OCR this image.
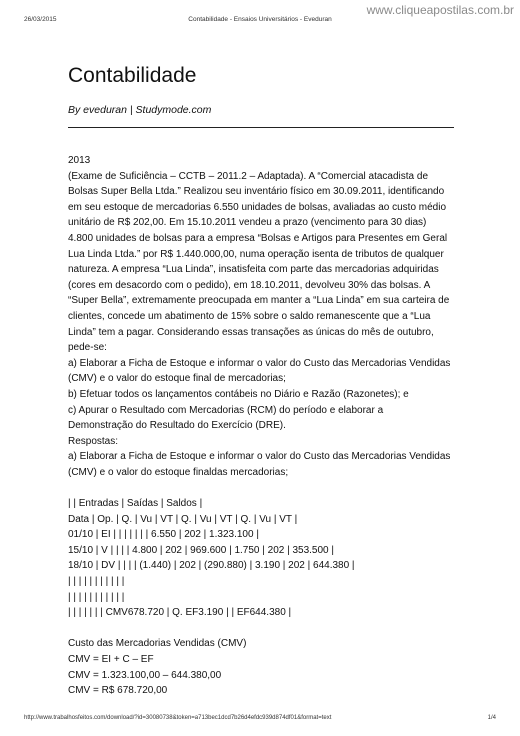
www.cliqueapostilas.com.br
26/03/2015	Contabilidade - Ensaios Universitários - Eveduran
Contabilidade
By eveduran | Studymode.com
2013
(Exame de Suficiência – CCTB – 2011.2 – Adaptada). A “Comercial atacadista de
Bolsas Super Bella Ltda.” Realizou seu inventário físico em 30.09.2011, identificando
em seu estoque de mercadorias 6.550 unidades de bolsas, avaliadas ao custo médio
unitário de R$ 202,00. Em 15.10.2011 vendeu a prazo (vencimento para 30 dias)
4.800 unidades de bolsas para a empresa “Bolsas e Artigos para Presentes em Geral
Lua Linda Ltda.” por R$ 1.440.000,00, numa operação isenta de tributos de qualquer
natureza. A empresa “Lua Linda”, insatisfeita com parte das mercadorias adquiridas
(cores em desacordo com o pedido), em 18.10.2011, devolveu 30% das bolsas. A
“Super Bella”, extremamente preocupada em manter a “Lua Linda” em sua carteira de
clientes, concede um abatimento de 15% sobre o saldo remanescente que a “Lua
Linda” tem a pagar. Considerando essas transações as únicas do mês de outubro,
pede-se:
a) Elaborar a Ficha de Estoque e informar o valor do Custo das Mercadorias Vendidas
(CMV) e o valor do estoque final de mercadorias;
b) Efetuar todos os lançamentos contábeis no Diário e Razão (Razonetes); e
c) Apurar o Resultado com Mercadorias (RCM) do período e elaborar a
Demonstração do Resultado do Exercício (DRE).
Respostas:
a) Elaborar a Ficha de Estoque e informar o valor do Custo das Mercadorias Vendidas
(CMV) e o valor do estoque finaldas mercadorias;
| | Entradas | Saídas | Saldos |
Data | Op. | Q. | Vu | VT | Q. | Vu | VT | Q. | Vu | VT |
01/10 | EI | | | | | | | 6.550 | 202 | 1.323.100 |
15/10 | V | | | | 4.800 | 202 | 969.600 | 1.750 | 202 | 353.500 |
18/10 | DV | | | | (1.440) | 202 | (290.880) | 3.190 | 202 | 644.380 |
| | | | | | | | | | |
| | | | | | | | | | |
| | | | | | | CMV678.720 | Q. EF3.190 | | EF644.380 |
Custo das Mercadorias Vendidas (CMV)
CMV = EI + C – EF
CMV = 1.323.100,00 – 644.380,00
CMV = R$ 678.720,00
http://www.trabalhosfeitos.com/download/?id=30080738&token=a713bec1dcd7b26d4efdc939d874df01&format=text	1/4
